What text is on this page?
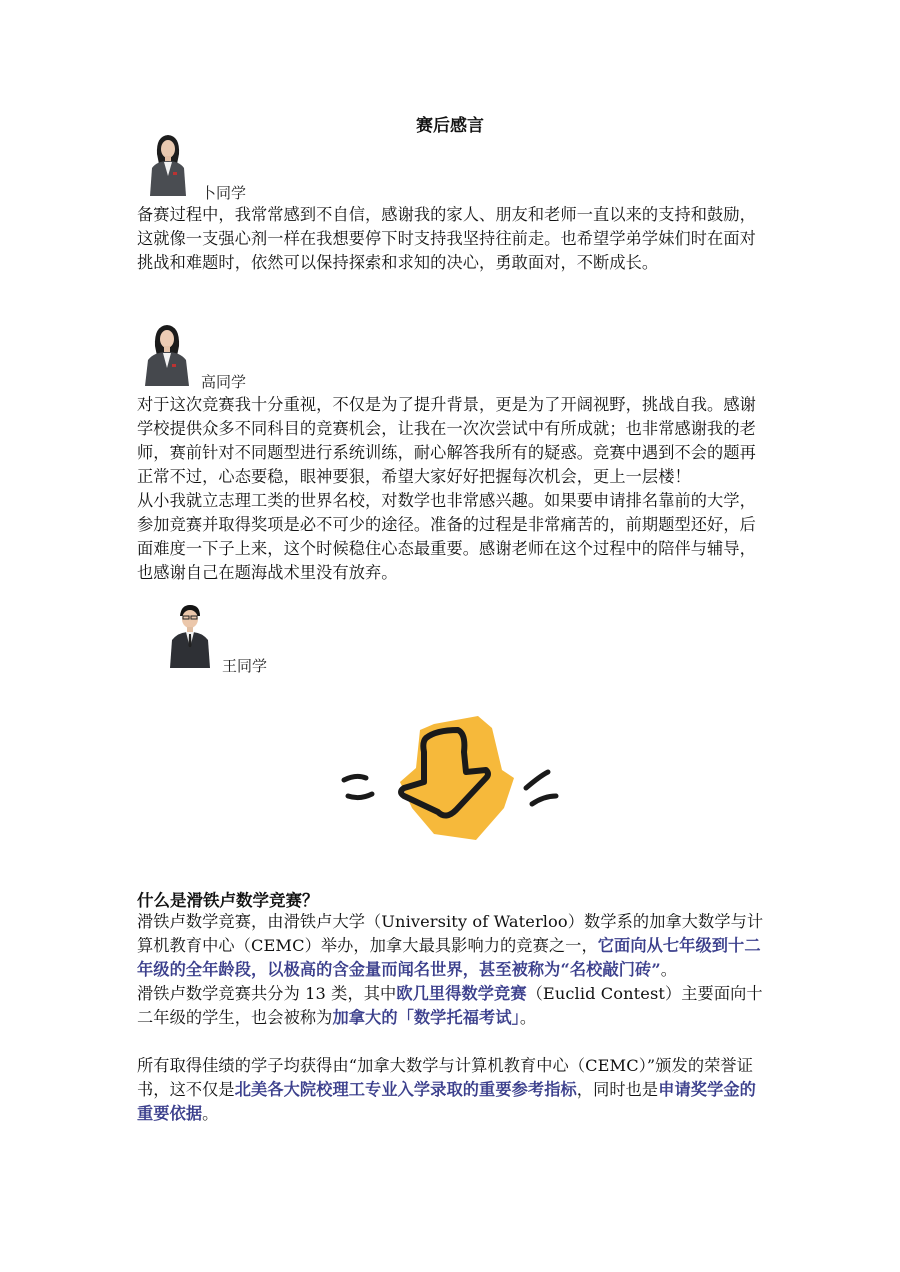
赛后感言
卜同学

备赛过程中，我常常感到不自信，感谢我的家人、朋友和老师一直以来的支持和鼓励，这就像一支强心剂一样在我想要停下时支持我坚持往前走。也希望学弟学妹们时在面对挑战和难题时，依然可以保持探索和求知的决心，勇敢面对，不断成长。

高同学

对于这次竞赛我十分重视，不仅是为了提升背景，更是为了开阔视野，挑战自我。感谢学校提供众多不同科目的竞赛机会，让我在一次次尝试中有所成就；也非常感谢我的老师，赛前针对不同题型进行系统训练，耐心解答我所有的疑惑。竞赛中遇到不会的题再正常不过，心态要稳，眼神要狠，希望大家好好把握每次机会，更上一层楼！

从小我就立志理工类的世界名校，对数学也非常感兴趣。如果要申请排名靠前的大学，参加竞赛并取得奖项是必不可少的途径。准备的过程是非常痛苦的，前期题型还好，后面难度一下子上来，这个时候稳住心态最重要。感谢老师在这个过程中的陪伴与辅导，也感谢自己在题海战术里没有放弃。

王同学
什么是滑铁卢数学竞赛？

滑铁卢数学竞赛，由滑铁卢大学（University of Waterloo）数学系的加拿大数学与计算机教育中心（CEMC）举办，加拿大最具影响力的竞赛之一，它面向从七年级到十二年级的全年龄段，以极高的含金量而闻名世界，甚至被称为“名校敲门砖”。

滑铁卢数学竞赛共分为 13 类，其中欧几里得数学竞赛（Euclid Contest）主要面向十二年级的学生，也会被称为加拿大的「数学托福考试」。

所有取得佳绩的学子均获得由“加拿大数学与计算机教育中心（CEMC）”颁发的荣誉证书，这不仅是北美各大院校理工专业入学录取的重要参考指标，同时也是申请奖学金的重要依据。
